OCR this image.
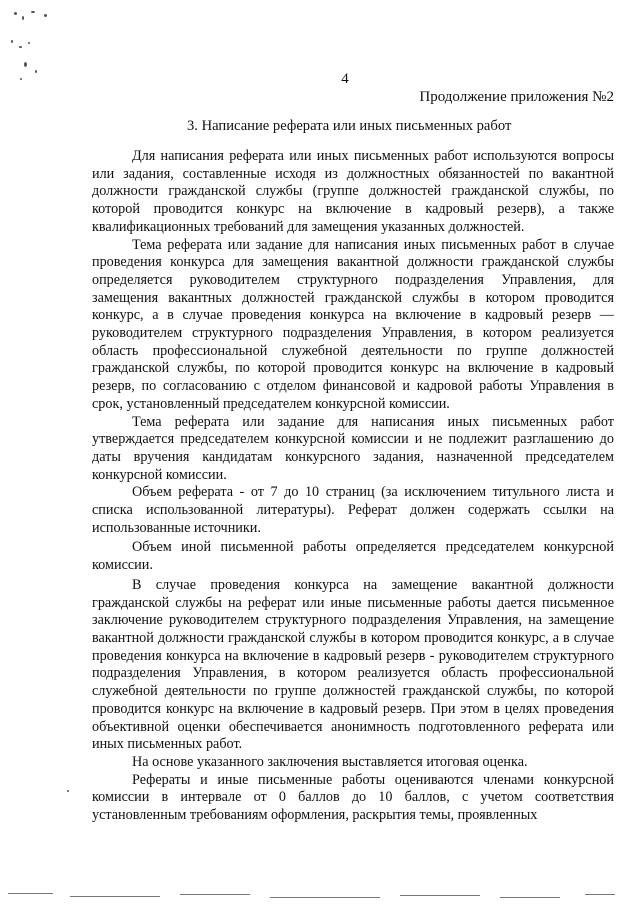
4
Продолжение приложения №2
3. Написание реферата или иных письменных работ

Для написания реферата или иных письменных работ используются вопросы или задания, составленные исходя из должностных обязанностей по вакантной должности гражданской службы (группе должностей гражданской службы, по которой проводится конкурс на включение в кадровый резерв), а также квалификационных требований для замещения указанных должностей.

Тема реферата или задание для написания иных письменных работ в случае проведения конкурса для замещения вакантной должности гражданской службы определяется руководителем структурного подразделения Управления, для замещения вакантных должностей гражданской службы в котором проводится конкурс, а в случае проведения конкурса на включение в кадровый резерв — руководителем структурного подразделения Управления, в котором реализуется область профессиональной служебной деятельности по группе должностей гражданской службы, по которой проводится конкурс на включение в кадровый резерв, по согласованию с отделом финансовой и кадровой работы Управления в срок, установленный председателем конкурсной комиссии.

Тема реферата или задание для написания иных письменных работ утверждается председателем конкурсной комиссии и не подлежит разглашению до даты вручения кандидатам конкурсного задания, назначенной председателем конкурсной комиссии.

Объем реферата - от 7 до 10 страниц (за исключением титульного листа и списка использованной литературы). Реферат должен содержать ссылки на использованные источники.

Объем иной письменной работы определяется председателем конкурсной комиссии.

В случае проведения конкурса на замещение вакантной должности гражданской службы на реферат или иные письменные работы дается письменное заключение руководителем структурного подразделения Управления, на замещение вакантной должности гражданской службы в котором проводится конкурс, а в случае проведения конкурса на включение в кадровый резерв - руководителем структурного подразделения Управления, в котором реализуется область профессиональной служебной деятельности по группе должностей гражданской службы, по которой проводится конкурс на включение в кадровый резерв. При этом в целях проведения объективной оценки обеспечивается анонимность подготовленного реферата или иных письменных работ.

На основе указанного заключения выставляется итоговая оценка.

Рефераты и иные письменные работы оцениваются членами конкурсной комиссии в интервале от 0 баллов до 10 баллов, с учетом соответствия установленным требованиям оформления, раскрытия темы, проявленных
